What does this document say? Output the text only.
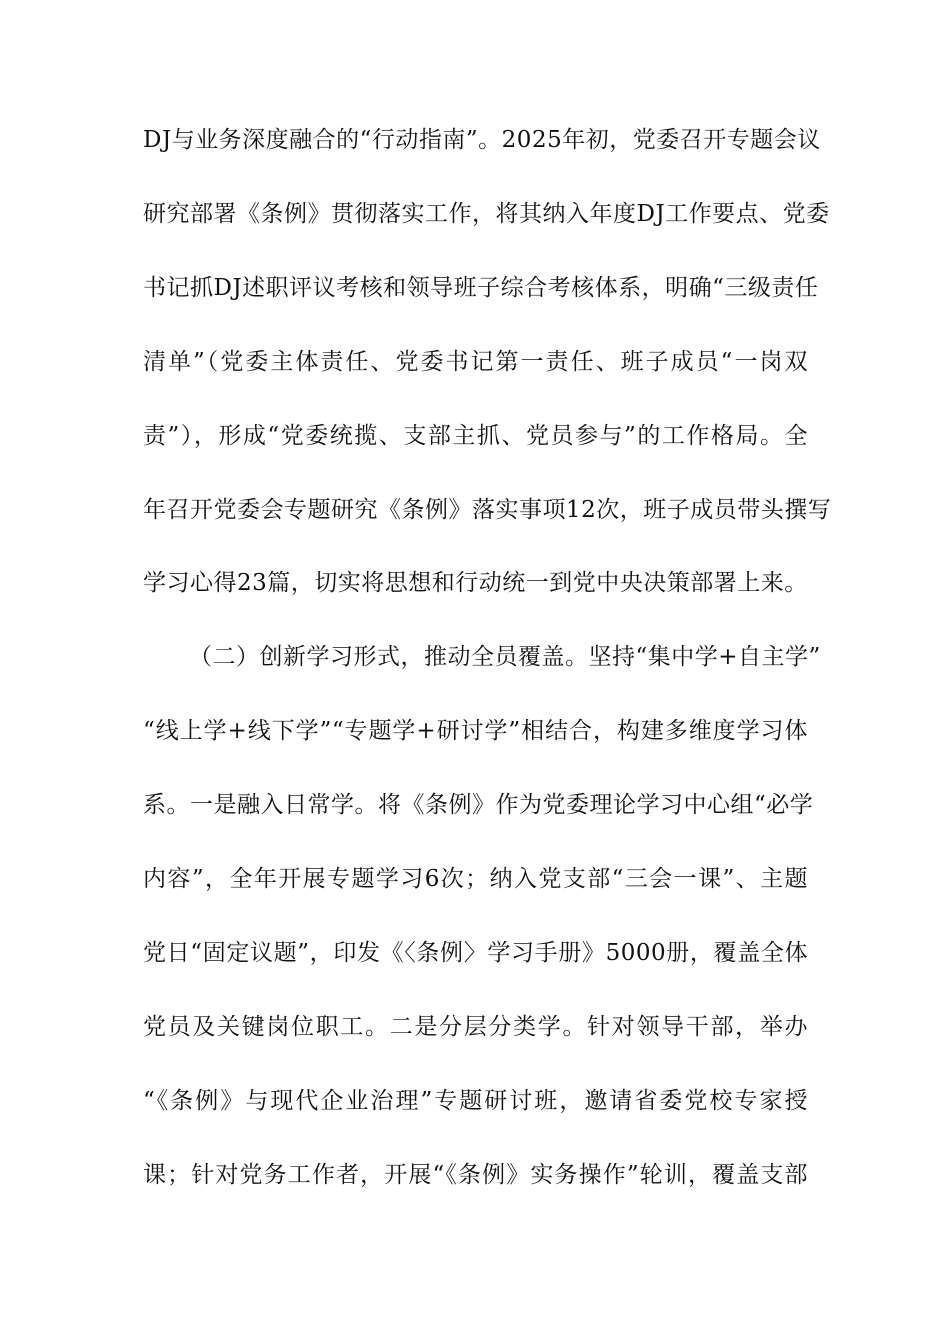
DJ与业务深度融合的“行动指南”。2025年初，党委召开专题会议
研究部署《条例》贯彻落实工作，将其纳入年度DJ工作要点、党委
书记抓DJ述职评议考核和领导班子综合考核体系，明确“三级责任
清单”（党委主体责任、党委书记第一责任、班子成员“一岗双
责”），形成“党委统揽、支部主抓、党员参与”的工作格局。全
年召开党委会专题研究《条例》落实事项12次，班子成员带头撰写
学习心得23篇，切实将思想和行动统一到党中央决策部署上来。
（二）创新学习形式，推动全员覆盖。坚持“集中学+自主学”
“线上学+线下学”“专题学+研讨学”相结合，构建多维度学习体
系。一是融入日常学。将《条例》作为党委理论学习中心组“必学
内容”，全年开展专题学习6次；纳入党支部“三会一课”、主题
党日“固定议题”，印发《〈条例〉学习手册》5000册，覆盖全体
党员及关键岗位职工。二是分层分类学。针对领导干部，举办
“《条例》与现代企业治理”专题研讨班，邀请省委党校专家授
课；针对党务工作者，开展“《条例》实务操作”轮训，覆盖支部
